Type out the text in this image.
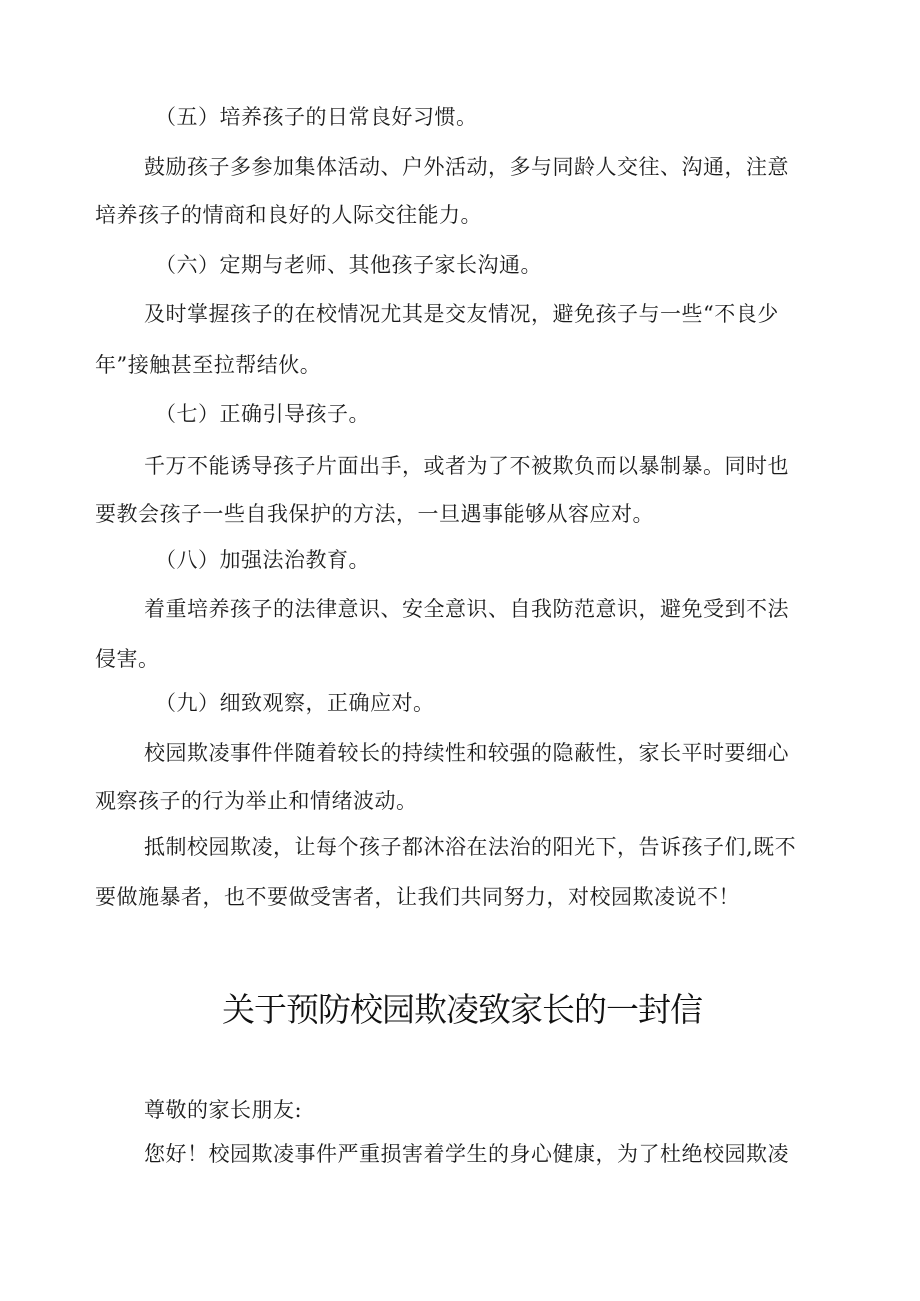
（五）培养孩子的日常良好习惯。
鼓励孩子多参加集体活动、户外活动，多与同龄人交往、沟通，注意
培养孩子的情商和良好的人际交往能力。
（六）定期与老师、其他孩子家长沟通。
及时掌握孩子的在校情况尤其是交友情况，避免孩子与一些“不良少
年”接触甚至拉帮结伙。
（七）正确引导孩子。
千万不能诱导孩子片面出手，或者为了不被欺负而以暴制暴。同时也
要教会孩子一些自我保护的方法，一旦遇事能够从容应对。
（八）加强法治教育。
着重培养孩子的法律意识、安全意识、自我防范意识，避免受到不法
侵害。
（九）细致观察，正确应对。
校园欺凌事件伴随着较长的持续性和较强的隐蔽性，家长平时要细心
观察孩子的行为举止和情绪波动。
抵制校园欺凌，让每个孩子都沐浴在法治的阳光下，告诉孩子们,既不
要做施暴者，也不要做受害者，让我们共同努力，对校园欺凌说不！
关于预防校园欺凌致家长的一封信
尊敬的家长朋友:
您好！校园欺凌事件严重损害着学生的身心健康，为了杜绝校园欺凌
